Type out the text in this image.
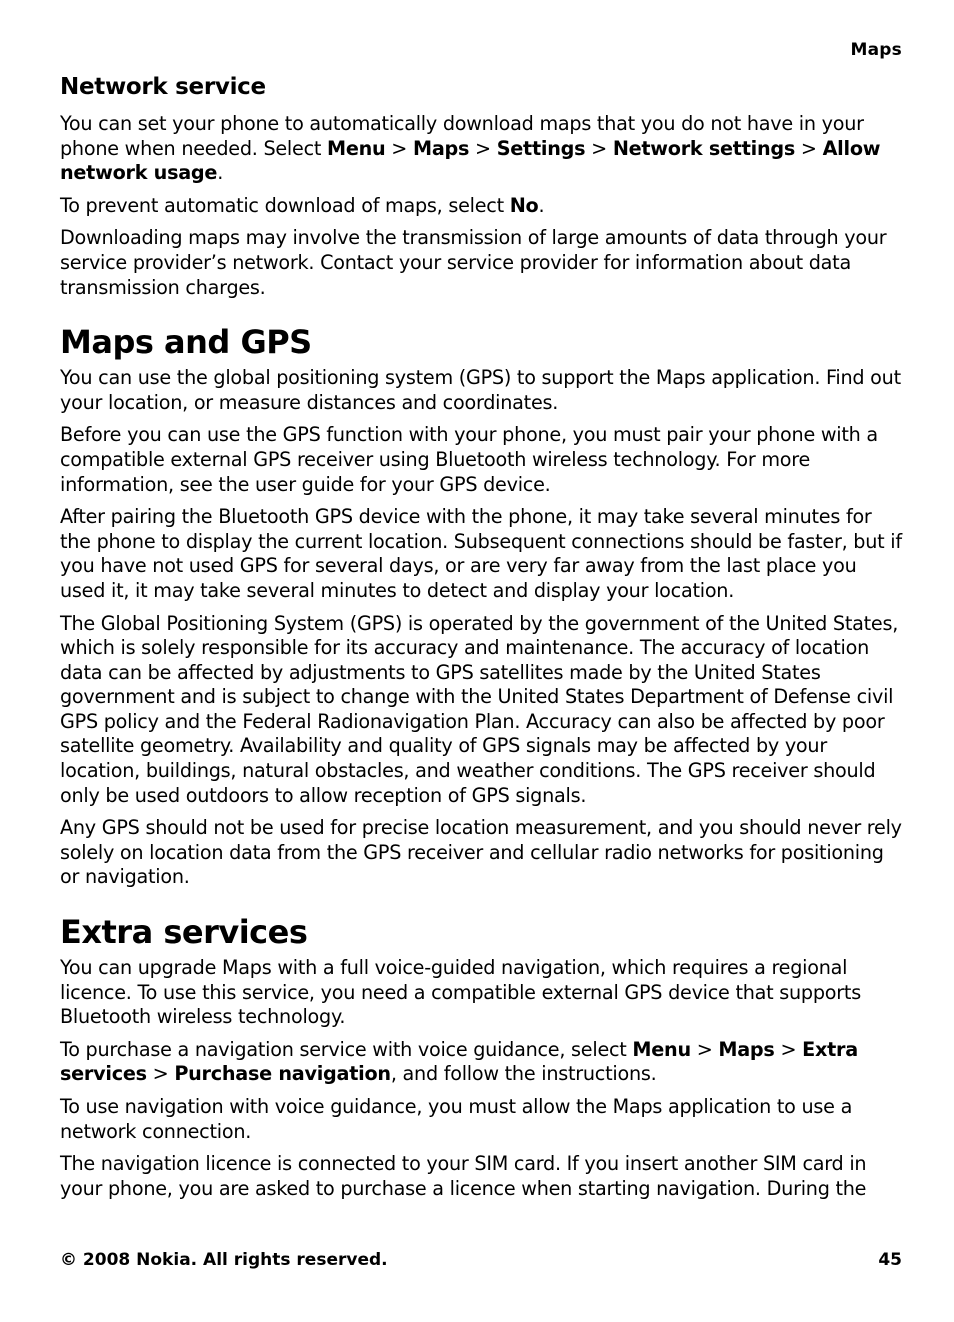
Maps
Network service

You can set your phone to automatically download maps that you do not have in your phone when needed. Select Menu > Maps > Settings > Network settings > Allow network usage.

To prevent automatic download of maps, select No.

Downloading maps may involve the transmission of large amounts of data through your service provider’s network. Contact your service provider for information about data transmission charges.

Maps and GPS

You can use the global positioning system (GPS) to support the Maps application. Find out your location, or measure distances and coordinates.

Before you can use the GPS function with your phone, you must pair your phone with a compatible external GPS receiver using Bluetooth wireless technology. For more information, see the user guide for your GPS device.

After pairing the Bluetooth GPS device with the phone, it may take several minutes for the phone to display the current location. Subsequent connections should be faster, but if you have not used GPS for several days, or are very far away from the last place you used it, it may take several minutes to detect and display your location.

The Global Positioning System (GPS) is operated by the government of the United States, which is solely responsible for its accuracy and maintenance. The accuracy of location data can be affected by adjustments to GPS satellites made by the United States government and is subject to change with the United States Department of Defense civil GPS policy and the Federal Radionavigation Plan. Accuracy can also be affected by poor satellite geometry. Availability and quality of GPS signals may be affected by your location, buildings, natural obstacles, and weather conditions. The GPS receiver should only be used outdoors to allow reception of GPS signals.

Any GPS should not be used for precise location measurement, and you should never rely solely on location data from the GPS receiver and cellular radio networks for positioning or navigation.

Extra services

You can upgrade Maps with a full voice-guided navigation, which requires a regional licence. To use this service, you need a compatible external GPS device that supports Bluetooth wireless technology.

To purchase a navigation service with voice guidance, select Menu > Maps > Extra services > Purchase navigation, and follow the instructions.

To use navigation with voice guidance, you must allow the Maps application to use a network connection.

The navigation licence is connected to your SIM card. If you insert another SIM card in your phone, you are asked to purchase a licence when starting navigation. During the

© 2008 Nokia. All rights reserved.	45
